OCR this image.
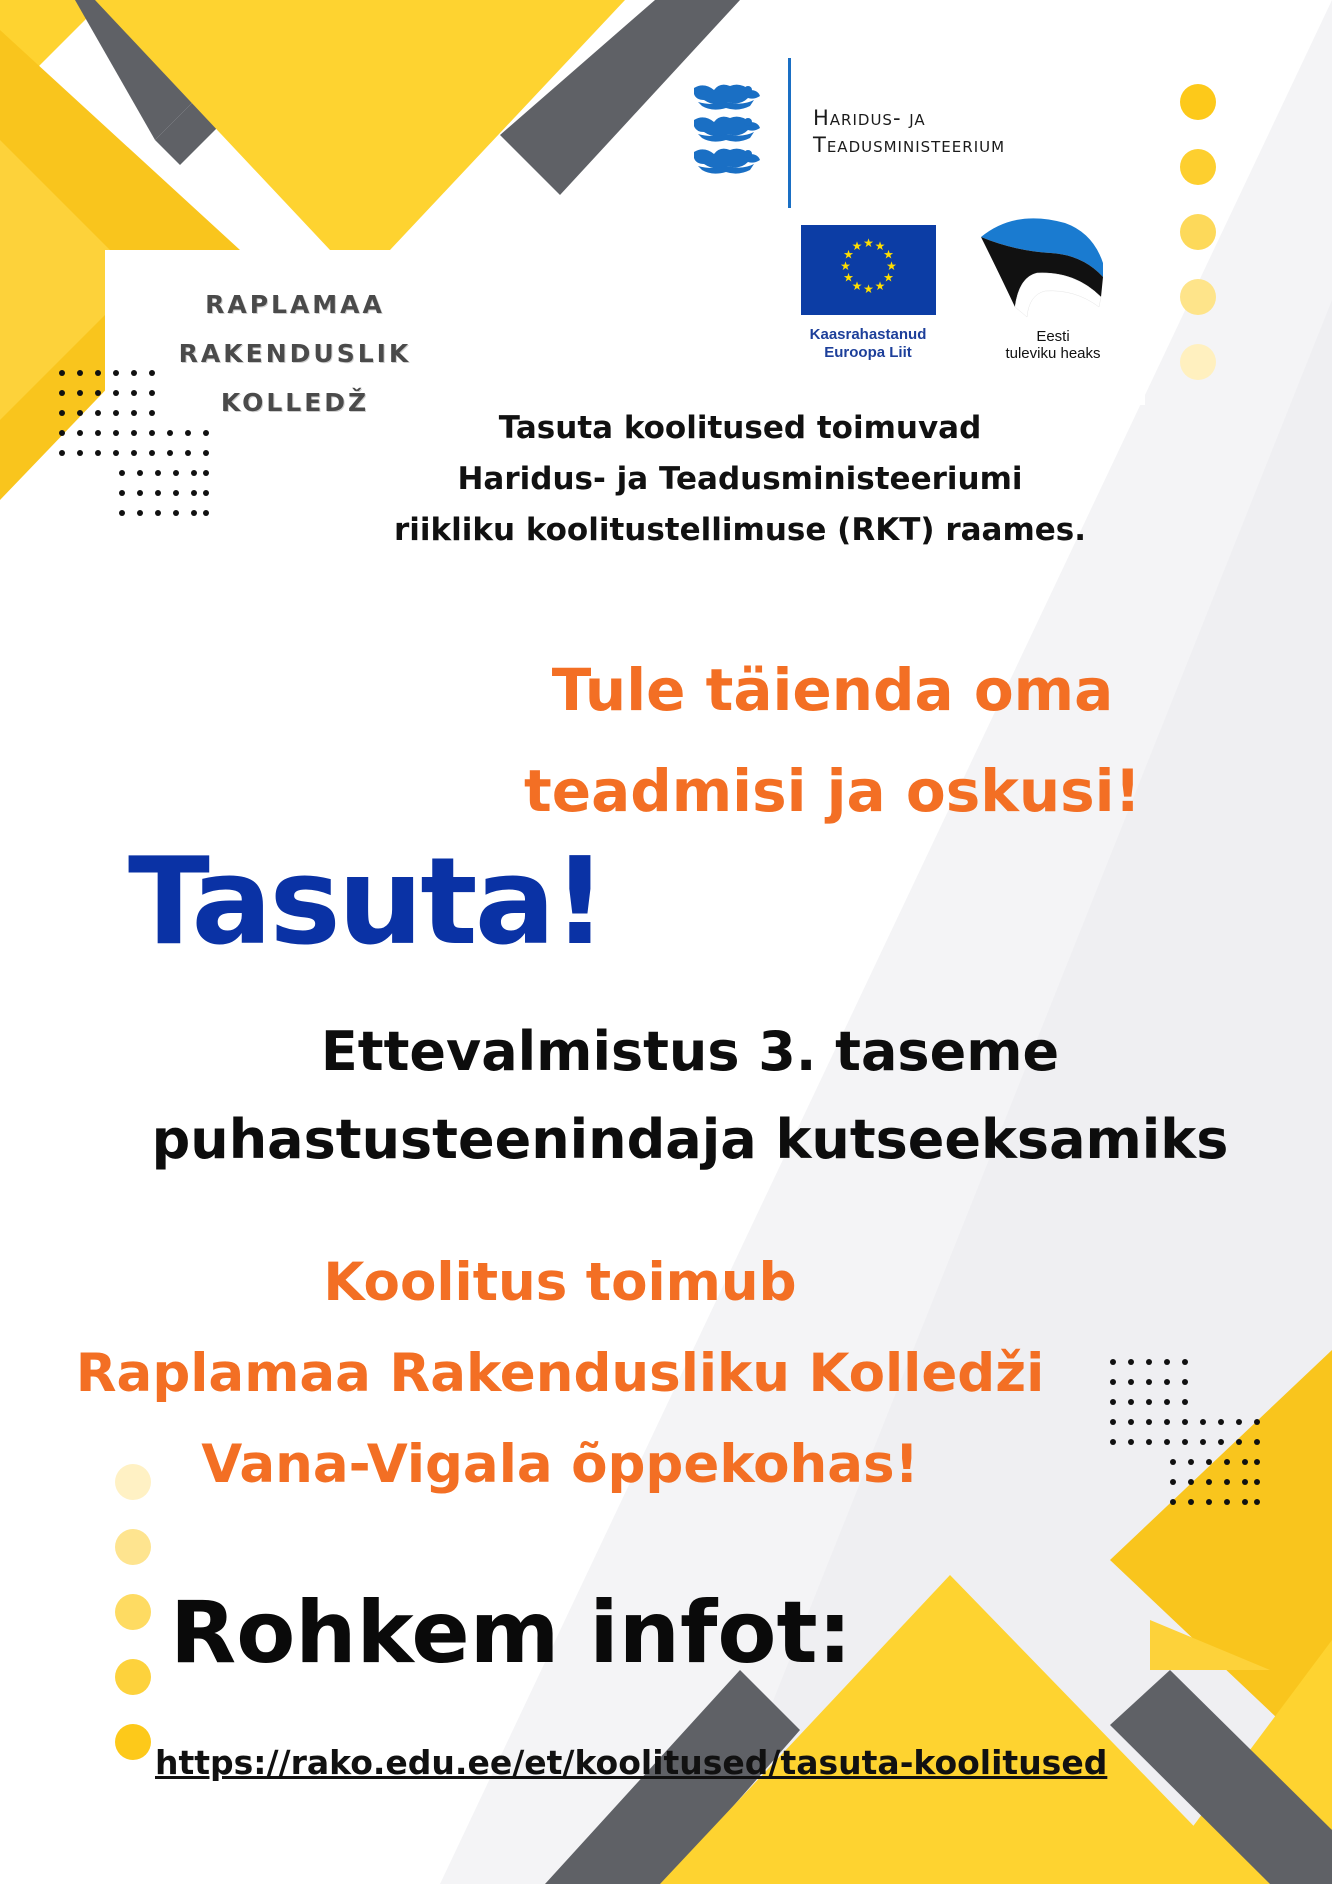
RAPLAMAA
RAKENDUSLIK
KOLLEDŽ
Haridus- ja
Teadusministeerium
★ ★
★
★
★
★
★
★
★
★
★
★
Kaasrahastanud
Euroopa Liit
Eesti
tuleviku heaks
Tasuta koolitused toimuvad
Haridus- ja Teadusministeeriumi
riikliku koolitustellimuse (RKT) raames.
Tule täienda oma
teadmisi ja oskusi!
Tasuta!
Ettevalmistus 3. taseme
puhastusteenindaja kutseeksamiks
Koolitus toimub
Raplamaa Rakendusliku Kolledži
Vana-Vigala õppekohas!
Rohkem infot:
https://rako.edu.ee/et/koolitused/tasuta-koolitused
